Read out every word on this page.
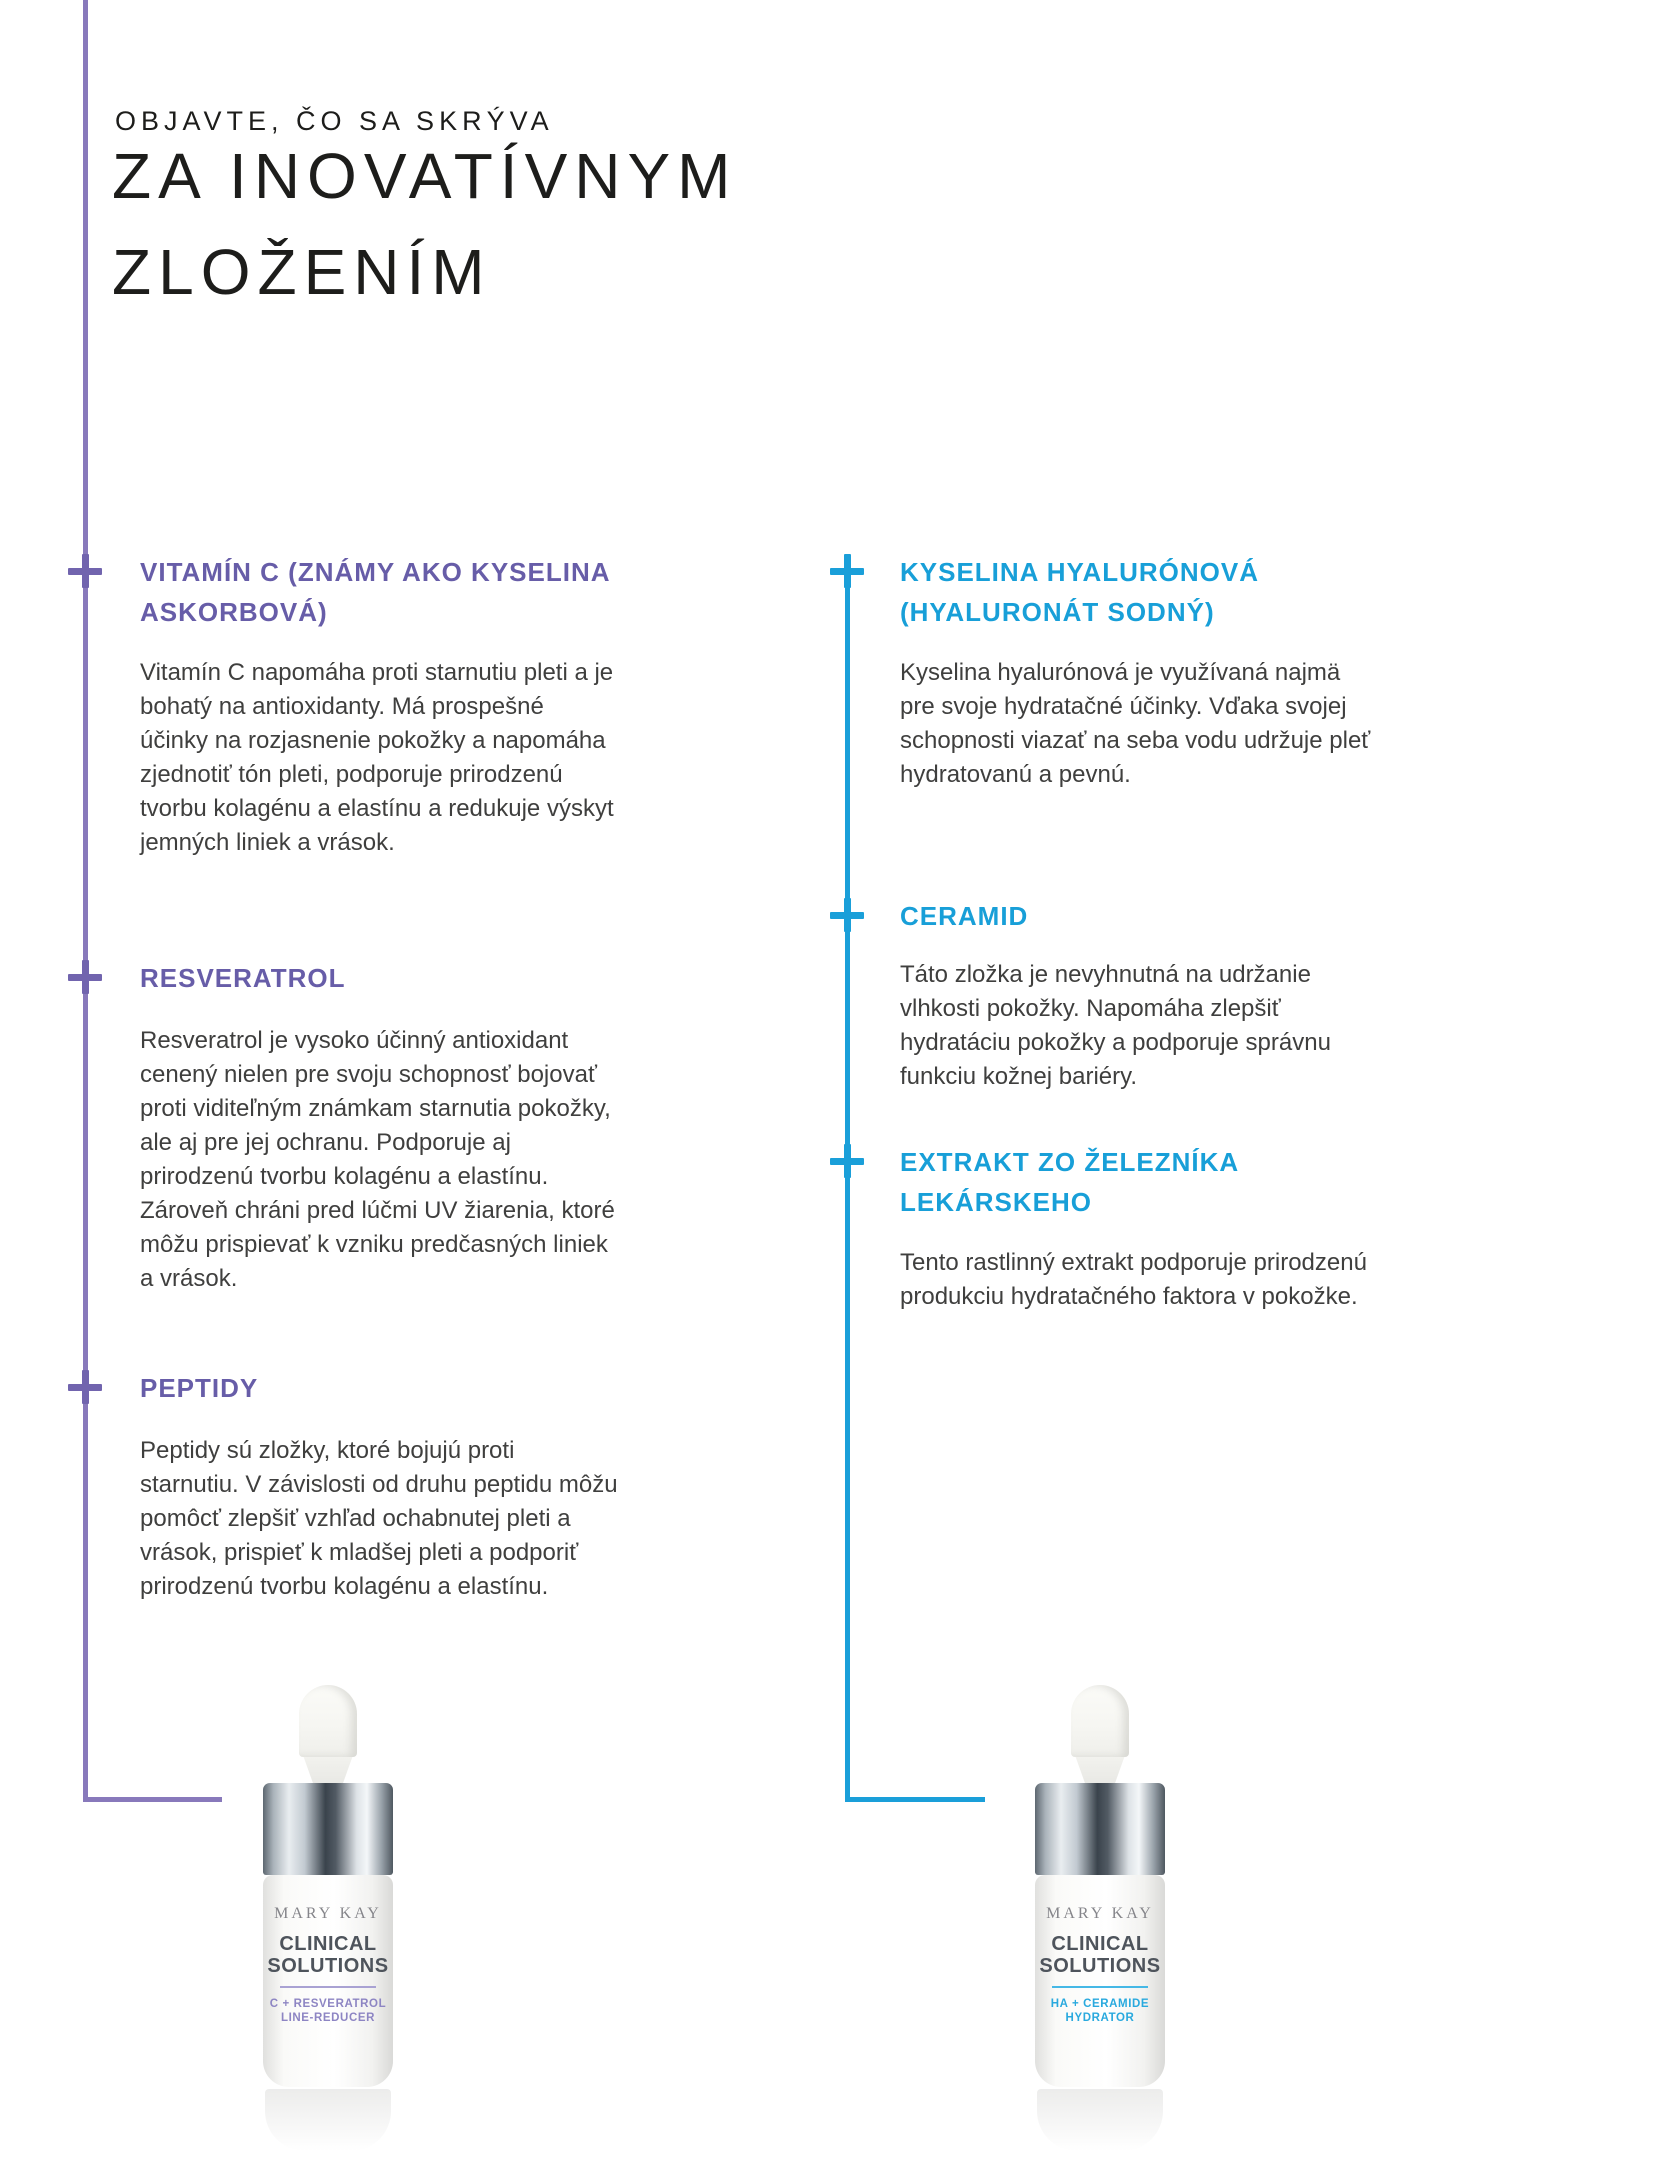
OBJAVTE, ČO SA SKRÝVA
ZA INOVATÍVNYM
ZLOŽENÍM
VITAMÍN C (ZNÁMY AKO KYSELINA ASKORBOVÁ)

Vitamín C napomáha proti starnutiu pleti a je bohatý na antioxidanty. Má prospešné účinky na rozjasnenie pokožky a napomáha zjednotiť tón pleti, podporuje prirodzenú tvorbu kolagénu a elastínu a redukuje výskyt jemných liniek a vrások.

RESVERATROL

Resveratrol je vysoko účinný antioxidant cenený nielen pre svoju schopnosť bojovať proti viditeľným známkam starnutia pokožky, ale aj pre jej ochranu. Podporuje aj prirodzenú tvorbu kolagénu a elastínu. Zároveň chráni pred lúčmi UV žiarenia, ktoré môžu prispievať k vzniku predčasných liniek a vrások.

PEPTIDY

Peptidy sú zložky, ktoré bojujú proti starnutiu. V závislosti od druhu peptidu môžu pomôcť zlepšiť vzhľad ochabnutej pleti a vrások, prispieť k mladšej pleti a podporiť prirodzenú tvorbu kolagénu a elastínu.

KYSELINA HYALURÓNOVÁ (HYALURONÁT SODNÝ)

Kyselina hyalurónová je využívaná najmä pre svoje hydratačné účinky. Vďaka svojej schopnosti viazať na seba vodu udržuje pleť hydratovanú a pevnú.

CERAMID

Táto zložka je nevyhnutná na udržanie vlhkosti pokožky. Napomáha zlepšiť hydratáciu pokožky a podporuje správnu funkciu kožnej bariéry.

EXTRAKT ZO ŽELEZNÍKA LEKÁRSKEHO

Tento rastlinný extrakt podporuje prirodzenú produkciu hydratačného faktora v pokožke.

MARY KAY
CLINICAL
SOLUTIONS
C + RESVERATROL
LINE-REDUCER
MARY KAY
CLINICAL
SOLUTIONS
HA + CERAMIDE
HYDRATOR
